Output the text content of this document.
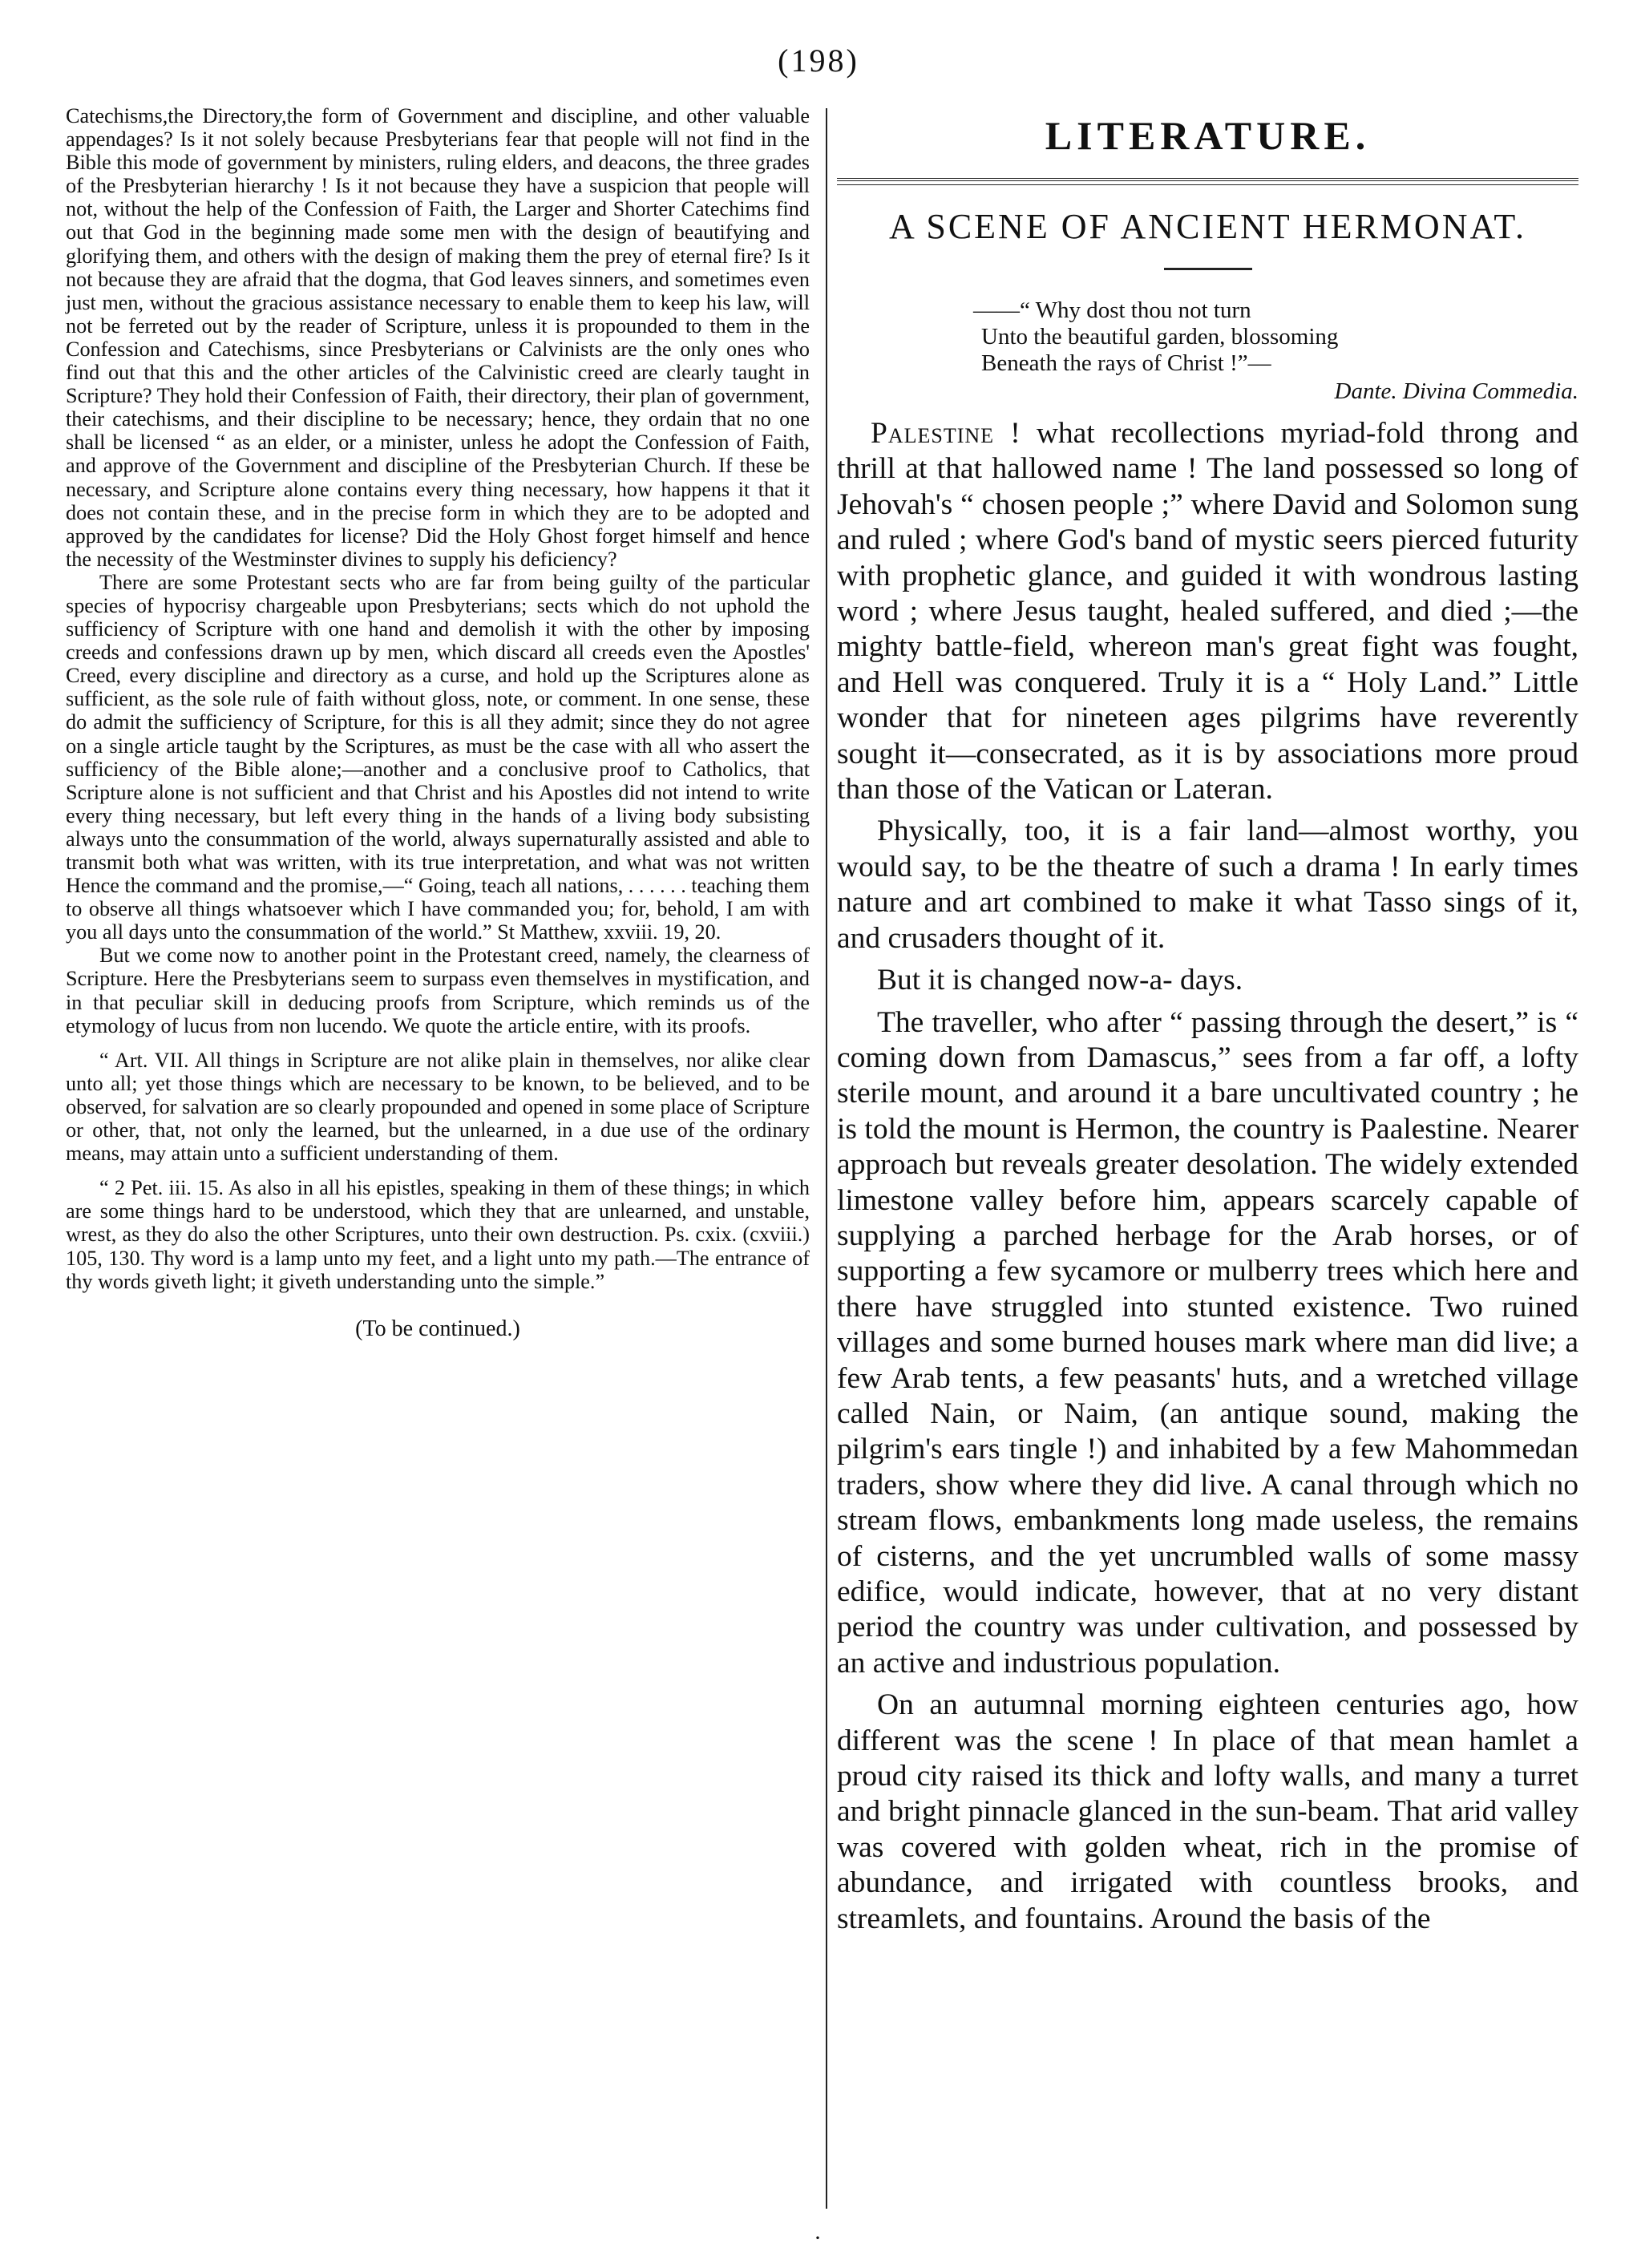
(198)

Catechisms,the Directory,the form of Government and discipline, and other valuable appendages? Is it not solely because Presbyterians fear that people will not find in the Bible this mode of government by ministers, ruling elders, and deacons, the three grades of the Presbyterian hierarchy ! Is it not because they have a suspicion that people will not, without the help of the Confession of Faith, the Larger and Shorter Catechims find out that God in the beginning made some men with the design of beautifying and glorifying them, and others with the design of making them the prey of eternal fire? Is it not because they are afraid that the dogma, that God leaves sinners, and sometimes even just men, without the gracious assistance necessary to enable them to keep his law, will not be ferreted out by the reader of Scripture, unless it is propounded to them in the Confession and Catechisms, since Presbyterians or Calvinists are the only ones who find out that this and the other articles of the Calvinistic creed are clearly taught in Scripture? They hold their Confession of Faith, their directory, their plan of government, their catechisms, and their discipline to be necessary; hence, they ordain that no one shall be licensed “ as an elder, or a minister, unless he adopt the Confession of Faith, and approve of the Government and discipline of the Presbyterian Church. If these be necessary, and Scripture alone contains every thing necessary, how happens it that it does not contain these, and in the precise form in which they are to be adopted and approved by the candidates for license? Did the Holy Ghost forget himself and hence the necessity of the Westminster divines to supply his deficiency?

There are some Protestant sects who are far from being guilty of the particular species of hypocrisy chargeable upon Presbyterians; sects which do not uphold the sufficiency of Scripture with one hand and demolish it with the other by imposing creeds and confessions drawn up by men, which discard all creeds even the Apostles' Creed, every discipline and directory as a curse, and hold up the Scriptures alone as sufficient, as the sole rule of faith without gloss, note, or comment. In one sense, these do admit the sufficiency of Scripture, for this is all they admit; since they do not agree on a single article taught by the Scriptures, as must be the case with all who assert the sufficiency of the Bible alone;—another and a conclusive proof to Catholics, that Scripture alone is not sufficient and that Christ and his Apostles did not intend to write every thing necessary, but left every thing in the hands of a living body subsisting always unto the consummation of the world, always supernaturally assisted and able to transmit both what was written, with its true interpretation, and what was not written Hence the command and the promise,—“ Going, teach all nations, . . . . . . teaching them to observe all things whatsoever which I have commanded you; for, behold, I am with you all days unto the consummation of the world.” St Matthew, xxviii. 19, 20.

But we come now to another point in the Protestant creed, namely, the clearness of Scripture. Here the Presbyterians seem to surpass even themselves in mystification, and in that peculiar skill in deducing proofs from Scripture, which reminds us of the etymology of lucus from non lucendo. We quote the article entire, with its proofs.

“ Art. VII. All things in Scripture are not alike plain in themselves, nor alike clear unto all; yet those things which are necessary to be known, to be believed, and to be observed, for salvation are so clearly propounded and opened in some place of Scripture or other, that, not only the learned, but the unlearned, in a due use of the ordinary means, may attain unto a sufficient understanding of them.

“ 2 Pet. iii. 15. As also in all his epistles, speaking in them of these things; in which are some things hard to be understood, which they that are unlearned, and unstable, wrest, as they do also the other Scriptures, unto their own destruction. Ps. cxix. (cxviii.) 105, 130. Thy word is a lamp unto my feet, and a light unto my path.—The entrance of thy words giveth light; it giveth understanding unto the simple.”

(To be continued.)
LITERATURE.
A SCENE OF ANCIENT HERMONAT.
——“ Why dost thou not turn
Unto the beautiful garden, blossoming
Beneath the rays of Christ !”—
Dante. Divina Commedia.

Palestine ! what recollections myriad-fold throng and thrill at that hallowed name ! The land possessed so long of Jehovah's “ chosen people ;” where David and Solomon sung and ruled ; where God's band of mystic seers pierced futurity with prophetic glance, and guided it with wondrous lasting word ; where Jesus taught, healed suffered, and died ;—the mighty battle-field, whereon man's great fight was fought, and Hell was conquered. Truly it is a “ Holy Land.” Little wonder that for nineteen ages pilgrims have reverently sought it—consecrated, as it is by associations more proud than those of the Vatican or Lateran.

Physically, too, it is a fair land—almost worthy, you would say, to be the theatre of such a drama ! In early times nature and art combined to make it what Tasso sings of it, and crusaders thought of it.

But it is changed now-a- days.

The traveller, who after “ passing through the desert,” is “ coming down from Damascus,” sees from a far off, a lofty sterile mount, and around it a bare uncultivated country ; he is told the mount is Hermon, the country is Paalestine. Nearer approach but reveals greater desolation. The widely extended limestone valley before him, appears scarcely capable of supplying a parched herbage for the Arab horses, or of supporting a few sycamore or mulberry trees which here and there have struggled into stunted existence. Two ruined villages and some burned houses mark where man did live; a few Arab tents, a few peasants' huts, and a wretched village called Nain, or Naim, (an antique sound, making the pilgrim's ears tingle !) and inhabited by a few Mahommedan traders, show where they did live. A canal through which no stream flows, embankments long made useless, the remains of cisterns, and the yet uncrumbled walls of some massy edifice, would indicate, however, that at no very distant period the country was under cultivation, and possessed by an active and industrious population.

On an autumnal morning eighteen centuries ago, how different was the scene ! In place of that mean hamlet a proud city raised its thick and lofty walls, and many a turret and bright pinnacle glanced in the sun-beam. That arid valley was covered with golden wheat, rich in the promise of abundance, and irrigated with countless brooks, and streamlets, and fountains. Around the basis of the

·
